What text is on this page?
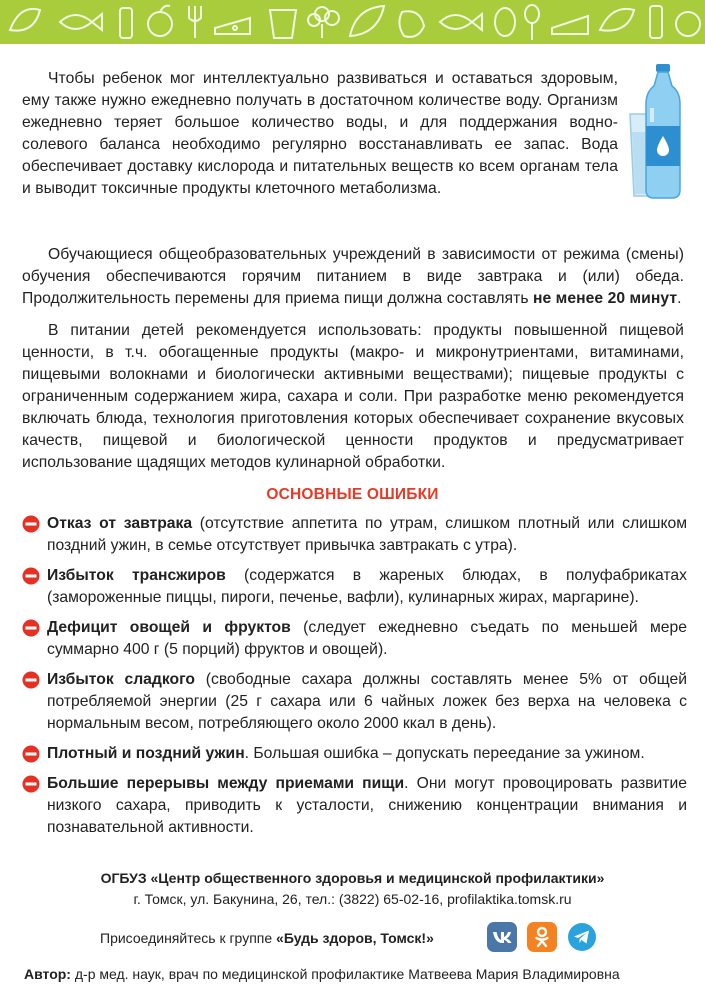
Чтобы ребенок мог интеллектуально развиваться и оставаться здоровым, ему также нужно ежедневно получать в достаточном количестве воду. Организм ежедневно теряет большое количество воды, и для поддержания водно-солевого баланса необходимо регулярно восстанавливать ее запас. Вода обеспечивает доставку кислорода и питательных веществ ко всем органам тела и выводит токсичные продукты клеточного метаболизма.

Обучающиеся общеобразовательных учреждений в зависимости от режима (смены) обучения обеспечиваются горячим питанием в виде завтрака и (или) обеда. Продолжительность перемены для приема пищи должна составлять не менее 20 минут.

В питании детей рекомендуется использовать: продукты повышенной пищевой ценности, в т.ч. обогащенные продукты (макро- и микронутриентами, витаминами, пищевыми волокнами и биологически активными веществами); пищевые продукты с ограниченным содержанием жира, сахара и соли. При разработке меню рекомендуется включать блюда, технология приготовления которых обеспечивает сохранение вкусовых качеств, пищевой и биологической ценности продуктов и предусматривает использование щадящих методов кулинарной обработки.

ОСНОВНЫЕ ОШИБКИ
Отказ от завтрака (отсутствие аппетита по утрам, слишком плотный или слишком поздний ужин, в семье отсутствует привычка завтракать с утра).
Избыток трансжиров (содержатся в жареных блюдах, в полуфабрикатах (замороженные пиццы, пироги, печенье, вафли), кулинарных жирах, маргарине).
Дефицит овощей и фруктов (следует ежедневно съедать по меньшей мере суммарно 400 г (5 порций) фруктов и овощей).
Избыток сладкого (свободные сахара должны составлять менее 5% от общей потребляемой энергии (25 г сахара или 6 чайных ложек без верха на человека с нормальным весом, потребляющего около 2000 ккал в день).
Плотный и поздний ужин. Большая ошибка – допускать переедание за ужином.
Большие перерывы между приемами пищи. Они могут провоцировать развитие низкого сахара, приводить к усталости, снижению концентрации внимания и познавательной активности.
ОГБУЗ «Центр общественного здоровья и медицинской профилактики»
г. Томск, ул. Бакунина, 26, тел.: (3822) 65-02-16, profilaktika.tomsk.ru
Присоединяйтесь к группе «Будь здоров, Томск!»
Автор: д-р мед. наук, врач по медицинской профилактике Матвеева Мария Владимировна
